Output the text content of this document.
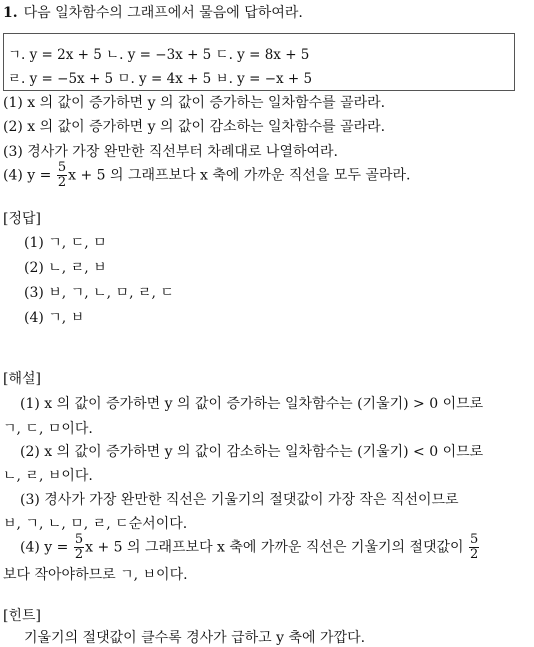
1. 다음 일차함수의 그래프에서 물음에 답하여라.
ㄱ. y = 2x + 5 ㄴ. y = −3x + 5 ㄷ. y = 8x + 5
ㄹ. y = −5x + 5 ㅁ. y = 4x + 5 ㅂ. y = −x + 5
(1) x 의 값이 증가하면 y 의 값이 증가하는 일차함수를 골라라.
(2) x 의 값이 증가하면 y 의 값이 감소하는 일차함수를 골라라.
(3) 경사가 가장 완만한 직선부터 차례대로 나열하여라.
(4) $y = \frac{5}{2}$ x + 5 의 그래프보다 x 축에 가까운 직선을 모두 골라라.
[정답]
(1) ㄱ, ㄷ, ㅁ
(2) ㄴ, ㄹ, ㅂ
(3) ㅂ, ㄱ, ㄴ, ㅁ, ㄹ, ㄷ
(4) ㄱ, ㅂ
[해설]
(1) x 의 값이 증가하면 y 의 값이 증가하는 일차함수는 (기울기) > 0 이므로
ㄱ, ㄷ, ㅁ이다.
(2) x 의 값이 증가하면 y 의 값이 감소하는 일차함수는 (기울기) < 0 이므로
ㄴ, ㄹ, ㅂ이다.
(3) 경사가 가장 완만한 직선은 기울기의 절댓값이 가장 작은 직선이므로
ㅂ, ㄱ, ㄴ, ㅁ, ㄹ, ㄷ순서이다.
(4) $y = \frac{5}{2}$ x + 5 의 그래프보다 x 축에 가까운 직선은 기울기의 절댓값이 $\frac{5}{2}$
보다 작아야하므로 ㄱ, ㅂ이다.
[힌트]
기울기의 절댓값이 클수록 경사가 급하고 y 축에 가깝다.
